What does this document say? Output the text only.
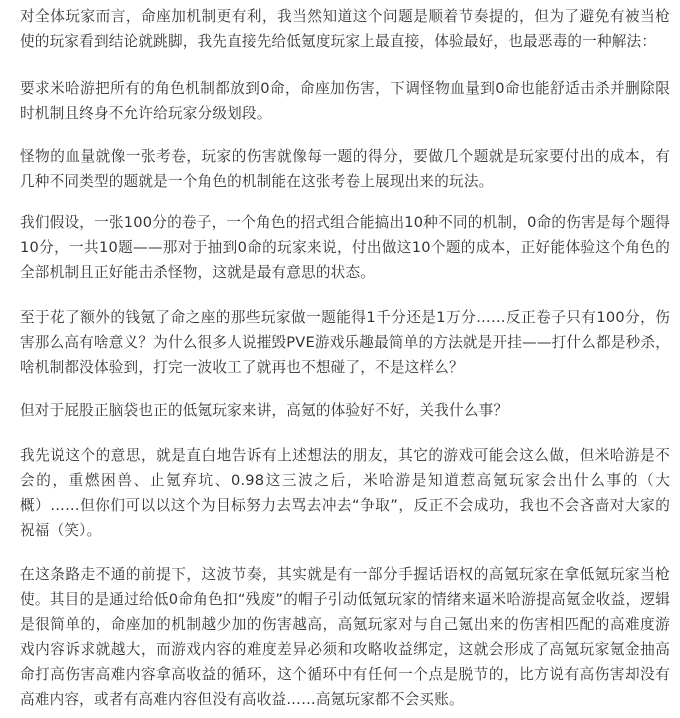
对全体玩家而言，命座加机制更有利，我当然知道这个问题是顺着节奏提的，但为了避免有被当枪使的玩家看到结论就跳脚，我先直接先给低氪度玩家上最直接，体验最好，也最恶毒的一种解法：

要求米哈游把所有的角色机制都放到0命，命座加伤害，下调怪物血量到0命也能舒适击杀并删除限时机制且终身不允许给玩家分级划段。

怪物的血量就像一张考卷，玩家的伤害就像每一题的得分，要做几个题就是玩家要付出的成本，有几种不同类型的题就是一个角色的机制能在这张考卷上展现出来的玩法。

我们假设，一张100分的卷子，一个角色的招式组合能搞出10种不同的机制，0命的伤害是每个题得10分，一共10题——那对于抽到0命的玩家来说，付出做这10个题的成本，正好能体验这个角色的全部机制且正好能击杀怪物，这就是最有意思的状态。

至于花了额外的钱氪了命之座的那些玩家做一题能得1千分还是1万分……反正卷子只有100分，伤害那么高有啥意义？为什么很多人说摧毁PVE游戏乐趣最简单的方法就是开挂——打什么都是秒杀，啥机制都没体验到，打完一波收工了就再也不想碰了，不是这样么？

但对于屁股正脑袋也正的低氪玩家来讲，高氪的体验好不好，关我什么事？

我先说这个的意思，就是直白地告诉有上述想法的朋友，其它的游戏可能会这么做，但米哈游是不会的，重燃困兽、止氪弃坑、0.98这三波之后，米哈游是知道惹高氪玩家会出什么事的（大概）……但你们可以以这个为目标努力去骂去冲去“争取”，反正不会成功，我也不会吝啬对大家的祝福（笑）。

在这条路走不通的前提下，这波节奏，其实就是有一部分手握话语权的高氪玩家在拿低氪玩家当枪使。其目的是通过给低0命角色扣“残废”的帽子引动低氪玩家的情绪来逼米哈游提高氪金收益，逻辑是很简单的，命座加的机制越少加的伤害越高，高氪玩家对与自己氪出来的伤害相匹配的高难度游戏内容诉求就越大，而游戏内容的难度差异必须和攻略收益绑定，这就会形成了高氪玩家氪金抽高命打高伤害高难内容拿高收益的循环，这个循环中有任何一个点是脱节的，比方说有高伤害却没有高难内容，或者有高难内容但没有高收益……高氪玩家都不会买账。
